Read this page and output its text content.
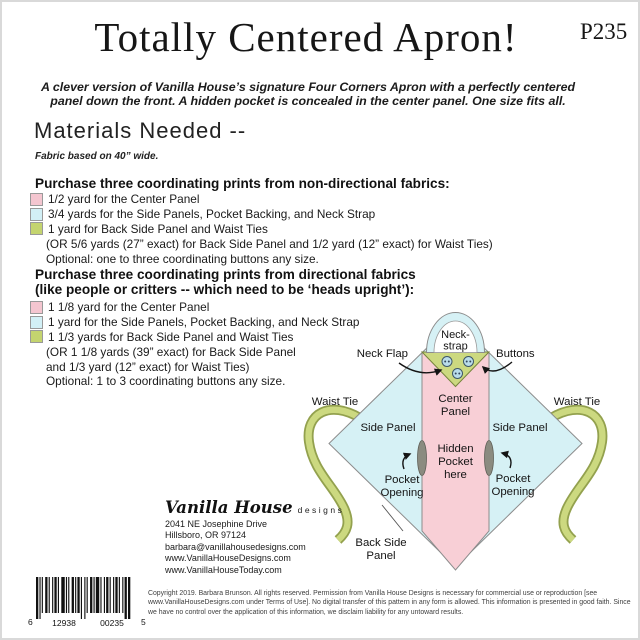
Totally Centered Apron!	P235
A clever version of Vanilla House’s signature Four Corners Apron with a perfectly centered
panel down the front. A hidden pocket is concealed in the center panel. One size fits all.
Materials Needed --
Fabric based on 40” wide.
Purchase three coordinating prints from non-directional fabrics:
1/2 yard for the Center Panel
3/4 yards for the Side Panels, Pocket Backing, and Neck Strap
1 yard for Back Side Panel and Waist Ties
(OR 5/6 yards (27” exact) for Back Side Panel and 1/2 yard (12” exact) for Waist Ties)
Optional: one to three coordinating buttons any size.
Purchase three coordinating prints from directional fabrics
(like people or critters -- which need to be ‘heads upright’):
1 1/8 yard for the Center Panel
1 yard for the Side Panels, Pocket Backing, and Neck Strap
1 1/3 yards for Back Side Panel and Waist Ties
(OR 1 1/8 yards (39” exact) for Back Side Panel
and 1/3 yard (12” exact) for Waist Ties)
Optional: 1 to 3 coordinating buttons any size.
Neck-
strap
Neck Flap	Buttons
Waist Tie	Waist Tie
Side Panel	Side Panel
Center
Panel
Hidden
Pocket
here
Pocket
Opening
Pocket
Opening
Back Side
Panel
Vanilla House designs
2041 NE Josephine Drive
Hillsboro, OR 97124
barbara@vanillahousedesigns.com
www.VanillaHouseDesigns.com
www.VanillaHouseToday.com
6 12938	00235 5
Copyright 2019. Barbara Brunson. All rights reserved. Permission from Vanilla House Designs is necessary for commercial use or reproduction [see
www.VanillaHouseDesigns.com under Terms of Use]. No digital transfer of this pattern in any form is allowed. This information is presented in good faith. Since
we have no control over the application of this information, we disclaim liability for any untoward results.
